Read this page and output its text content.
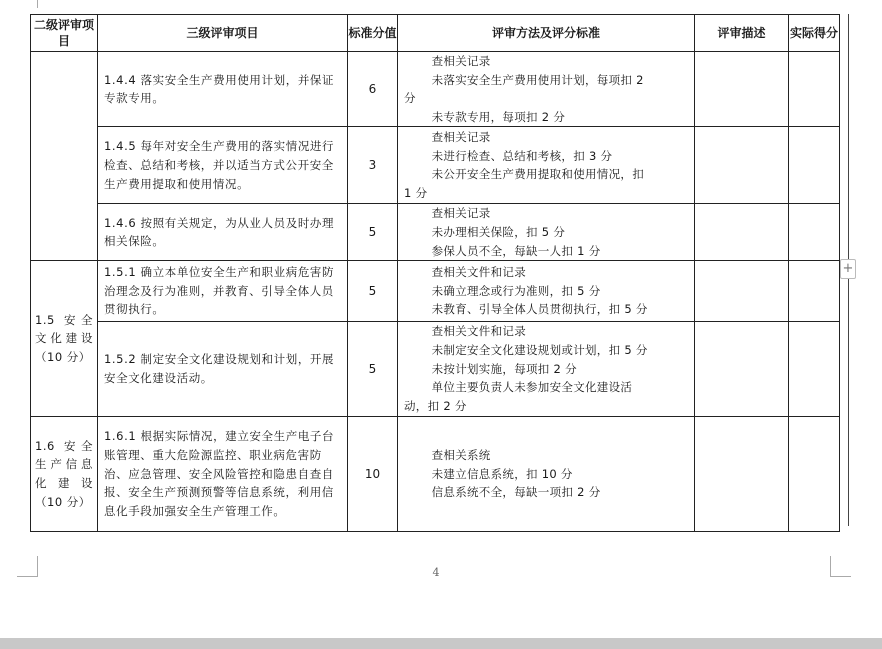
二级评审项目	三级评审项目	标准分值	评审方法及评分标准	评审描述	实际得分
	1.4.4 落实安全生产费用使用计划，并保证专款专用。	6	查相关记录
未落实安全生产费用使用计划，每项扣 2
分
未专款专用，每项扣 2 分		

	1.4.5 每年对安全生产费用的落实情况进行检查、总结和考核，并以适当方式公开安全生产费用提取和使用情况。	3	查相关记录
未进行检查、总结和考核，扣 3 分
未公开安全生产费用提取和使用情况，扣
1 分		

	1.4.6 按照有关规定，为从业人员及时办理相关保险。	5	查相关记录
未办理相关保险，扣 5 分
参保人员不全，每缺一人扣 1 分		

1.5 安全文化建设（10 分）	1.5.1 确立本单位安全生产和职业病危害防治理念及行为准则，并教育、引导全体人员贯彻执行。	5	查相关文件和记录
未确立理念或行为准则，扣 5 分
未教育、引导全体人员贯彻执行，扣 5 分		

	1.5.2 制定安全文化建设规划和计划，开展安全文化建设活动。	5	查相关文件和记录
未制定安全文化建设规划或计划，扣 5 分
未按计划实施，每项扣 2 分
单位主要负责人未参加安全文化建设活
动，扣 2 分		

1.6 安全生产信息化建设（10 分）	1.6.1 根据实际情况，建立安全生产电子台账管理、重大危险源监控、职业病危害防治、应急管理、安全风险管控和隐患自查自报、安全生产预测预警等信息系统，利用信息化手段加强安全生产管理工作。	10	查相关系统
未建立信息系统，扣 10 分
信息系统不全，每缺一项扣 2 分		

+
4
